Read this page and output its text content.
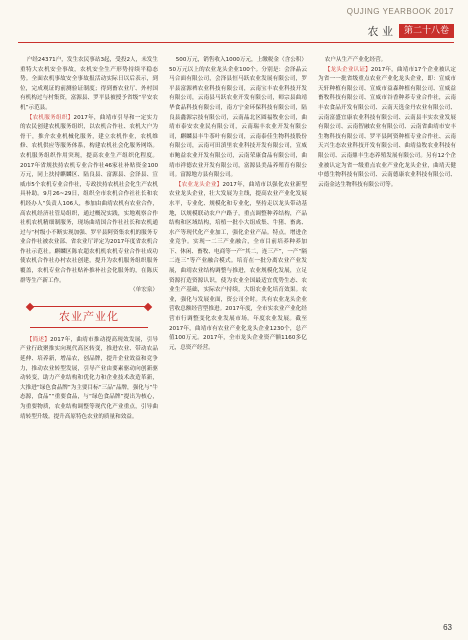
QUJING YEARBOOK 2017
农 业	第二十八卷

户经24371户，发生农民事站3起，受投2人，未发生重特大农机安全事故，农机安全生产形势持续平稳态势。全面农机事故安全事故报活动实际日以后表示，到位，完成观证的前测验证制度；得到畜农业厅、外村国有机构过与村集资，富源县、罗平县被授予省级“平安农机”示范县。

【农机服务组织】2017年，曲靖市引导和一定实力的农民创建农机服务组织，以农机合作社、农机大户为骨干，推介农业机械化服务，建立农机作业，农机维修、农机供应等服务体系，构建农机社会化服务网络。农机服务组织作用突现，提高农业生产组织化程度。2017年省规扶持农机专业合作社46家社补贴资金100万元，同上扶持麒麟区、陆良县、富源县、会泽县、宣威市5个农机专业合作社，专政扶持农机社会化生产农机具补助。9月26~29日，组织全市农机合作社社长和农机经办人“负责人106人，参加由曲靖农机有农业合作，高农机经济社管局组织，通过概况实践，实地观察合作社机农机精细制服务，现场曲靖国合作社社长和农机通过与“村级小不断实现加强、罗平县阿资集农机的服务专业合作社被农业部、省农业厅评定为2017年度省农机合作社示范社。麒麟区陈农超农机机农机专业合作社成功使农机合作社办村农社创建，提升为农机服务组织服务覆盖，农机专业合作社贴补推补社会化服务的，在陈庆群等生产新工作。

（单宏泉）

农业产业化

【简述】2017年，曲靖市推动提高现效发展，引导产业行政聚推实向现代高区转变，推进农业、带动农品延伸、培养新，增品农，创品牌，提升企业效益和竞争力，推动农业转型发展，引导产业由要素驱动向创新驱动转变，助力产业结构和优化力和企业技术改造革新，大推进“绿色食品牌”为主要目标“三品”品牌，强化与“牛态源，食品”“重要食品，与“绿色食品牌”提出为核心，为重要物质，农业结构调整等现代化产业重点，引导曲靖转型升级。提升高原特色农业的质量和效益。

500万元，销售收入1000万元，上缴税金（含公积）50万元以上的农业龙头企业100个。分别是：会泽晶云马合面有限公司，会泽县恒马跃农业发展有限公司，罗平县富源裨农业科技有限公司，云南宝丰农业科技开发有限公司，云南县马跃农业开发有限公司，师宗县曲靖华食品科技有限公司，南方宁金环保科技有限公司，陆良县鑫源宗技有限公司，云南晶北区圆福牧业公司，曲靖市泰安农业民有限公司，云南瑞丰农业开发有限公司，麒麟县丰牛茶叶有限公司，云南泰佳生物科技股份有限公司，云南可田滇里农业科技开发有限公司，宣威市鲍益农业开发有限公司，云南荣康食品有限公司，曲靖市祥德农业开发有限公司，富源县美品养殖育有限公司。富源地方县有限公司。

【农业龙头企业】2017年，曲靖市以强化农业新型农业龙头企业，壮大发展为主线，提高农业产业化发展水平，专业化、规模化和专业化，坚持走以龙头带动基地，以规模联动农户户路子，重点调整种养结构，产品结构和区域结构，培植一批小大组成集、牛猪、畜禽、水产等现代化产业加工，强化企业产品。特点。增进企业竞争。实现一二三产业融合，全市目前培养种养加下、休闲、畜牧、电商等一产“其二，连三产”，一产“隔二连三”等产业融合模式。培育在一批分离农业产业发展，曲靖农业结构调整与推进，农业规模化发展，立足资源打造资源认识，使为农业全国最适宜优势生态、农业生产基础，实际农户持续，大组农业化培育效果。农业，强化与发展业面，资公司全时。共有农业龙头企业营收总额经营型推进。2017年度，全市实农业产业化经营市行调整变化农业发展市场。年度农业发展。截至2017年，曲靖市有农业产业化龙头企业1230个，总产值100万元。2017年，全市龙头企业资产额1160多亿元，总资产经营。

农户从生产产业化经营。

【龙头企业认证】2017年，曲靖市17个企业被认定为省一一批省级重点农业产业化龙头企业，即：宣威市天轩种植有限公司、宣威市益森种植有限公司、宣威益畜牧科技有限公司、宣威市谷香种养专业合作社，云南丰农食品开发有限公司、云南天选金丹农业有限公司、云南富盛宜康农业科技有限公司、云南县丰实农业发展有限公司、云南智融农业有限公司、云南省曲靖市安丰生物科技有限公司、罗平县阿资种植专业合作社、云南天兴生态农业科技开发有限公司、曲靖益牧农业科技有限公司、云南鼎丰生态养殖发展有限公司。另有12个企业被认定为省一级重点农业产业化龙头企业，曲靖天健中德生物科技有限公司、云南德康农业科技有限公司、云南金达生物科技有限公司等。

63
